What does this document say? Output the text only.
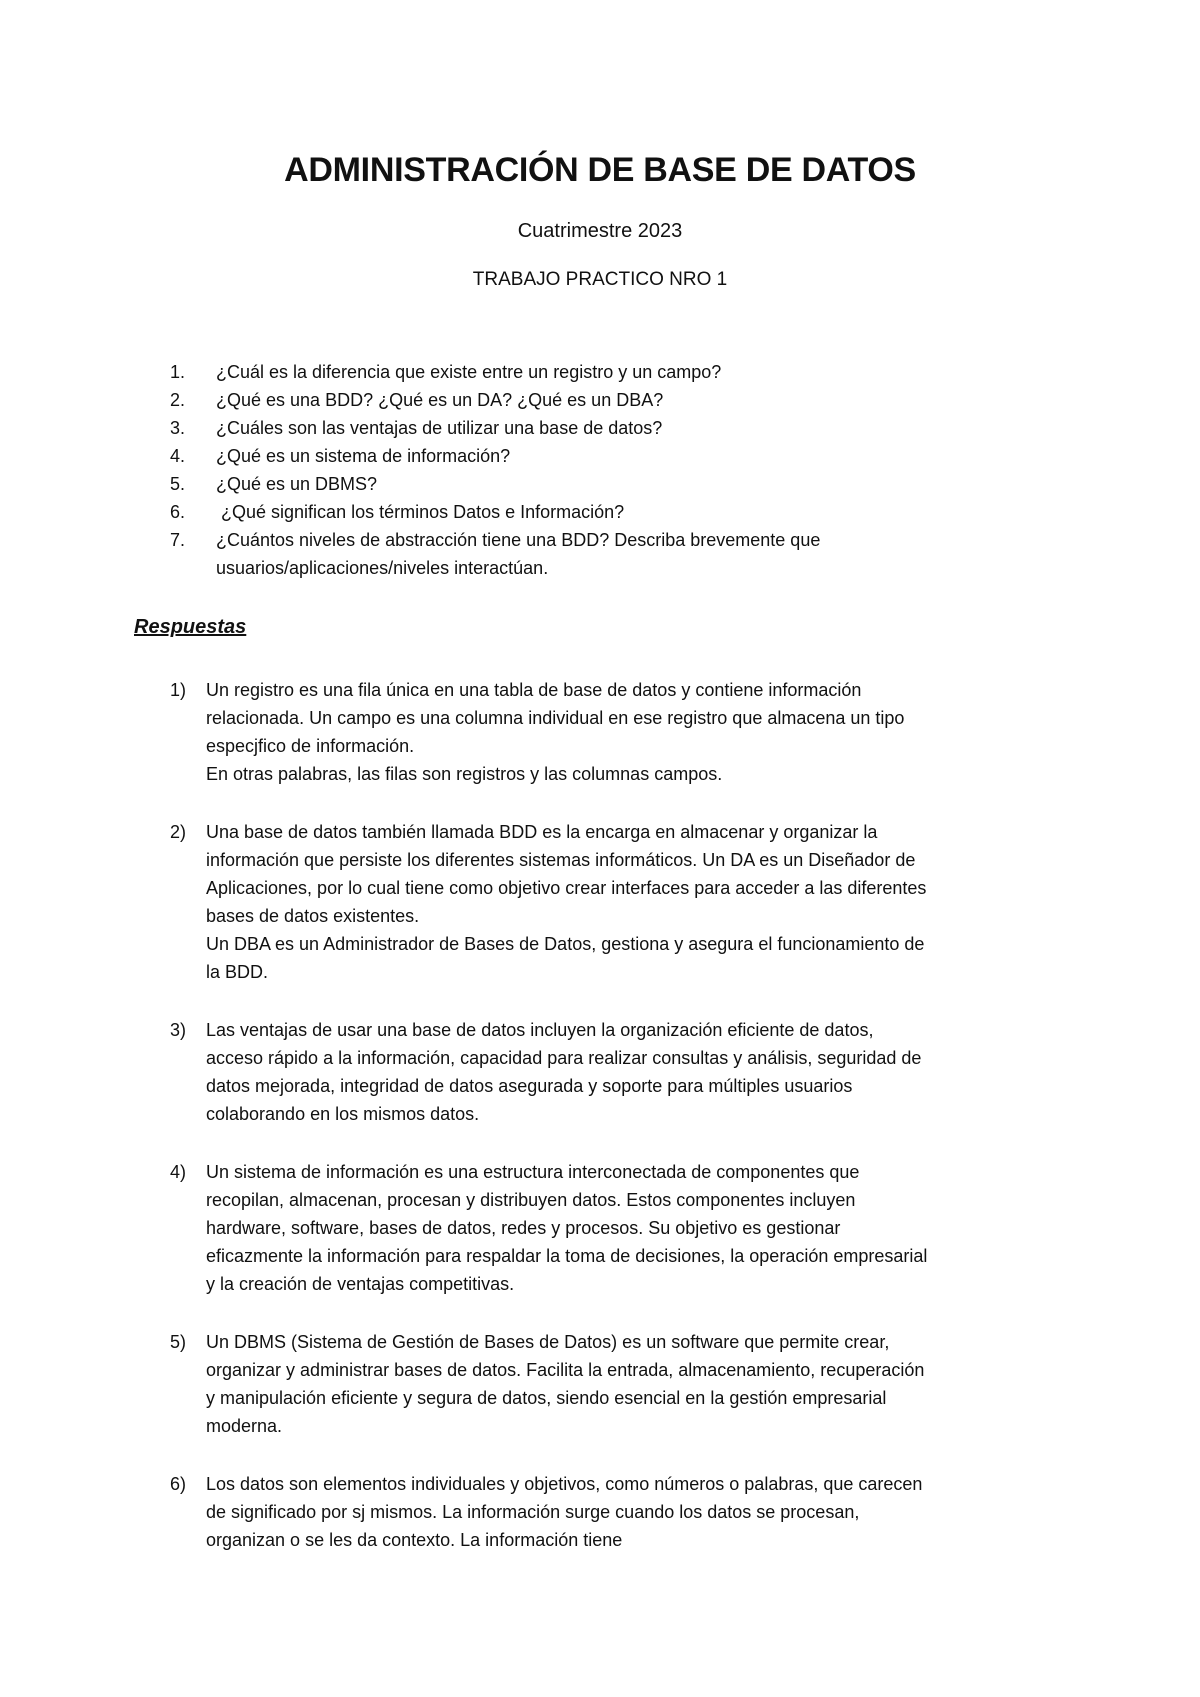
ADMINISTRACIÓN DE BASE DE DATOS
Cuatrimestre 2023
TRABAJO PRACTICO NRO 1
1.	¿Cuál es la diferencia que existe entre un registro y un campo?
2.	¿Qué es una BDD? ¿Qué es un DA? ¿Qué es un DBA?
3.	¿Cuáles son las ventajas de utilizar una base de datos?
4.	¿Qué es un sistema de información?
5.	¿Qué es un DBMS?
6.	¿Qué significan los términos Datos e Información?
7.	¿Cuántos niveles de abstracción tiene una BDD? Describa brevemente que usuarios/aplicaciones/niveles interactúan.
Respuestas
1)	Un registro es una fila única en una tabla de base de datos y contiene información relacionada. Un campo es una columna individual en ese registro que almacena un tipo especjfico de información.

En otras palabras, las filas son registros y las columnas campos.

2)	Una base de datos también llamada BDD es la encarga en almacenar y organizar la información que persiste los diferentes sistemas informáticos. Un DA es un Diseñador de Aplicaciones, por lo cual tiene como objetivo crear interfaces para acceder a las diferentes bases de datos existentes.

Un DBA es un Administrador de Bases de Datos, gestiona y asegura el funcionamiento de la BDD.

3)	Las ventajas de usar una base de datos incluyen la organización eficiente de datos, acceso rápido a la información, capacidad para realizar consultas y análisis, seguridad de datos mejorada, integridad de datos asegurada y soporte para múltiples usuarios colaborando en los mismos datos.

4)	Un sistema de información es una estructura interconectada de componentes que recopilan, almacenan, procesan y distribuyen datos. Estos componentes incluyen hardware, software, bases de datos, redes y procesos. Su objetivo es gestionar eficazmente la información para respaldar la toma de decisiones, la operación empresarial y la creación de ventajas competitivas.

5)	Un DBMS (Sistema de Gestión de Bases de Datos) es un software que permite crear, organizar y administrar bases de datos. Facilita la entrada, almacenamiento, recuperación y manipulación eficiente y segura de datos, siendo esencial en la gestión empresarial moderna.

6)	Los datos son elementos individuales y objetivos, como números o palabras, que carecen de significado por sj mismos. La información surge cuando los datos se procesan, organizan o se les da contexto. La información tiene
